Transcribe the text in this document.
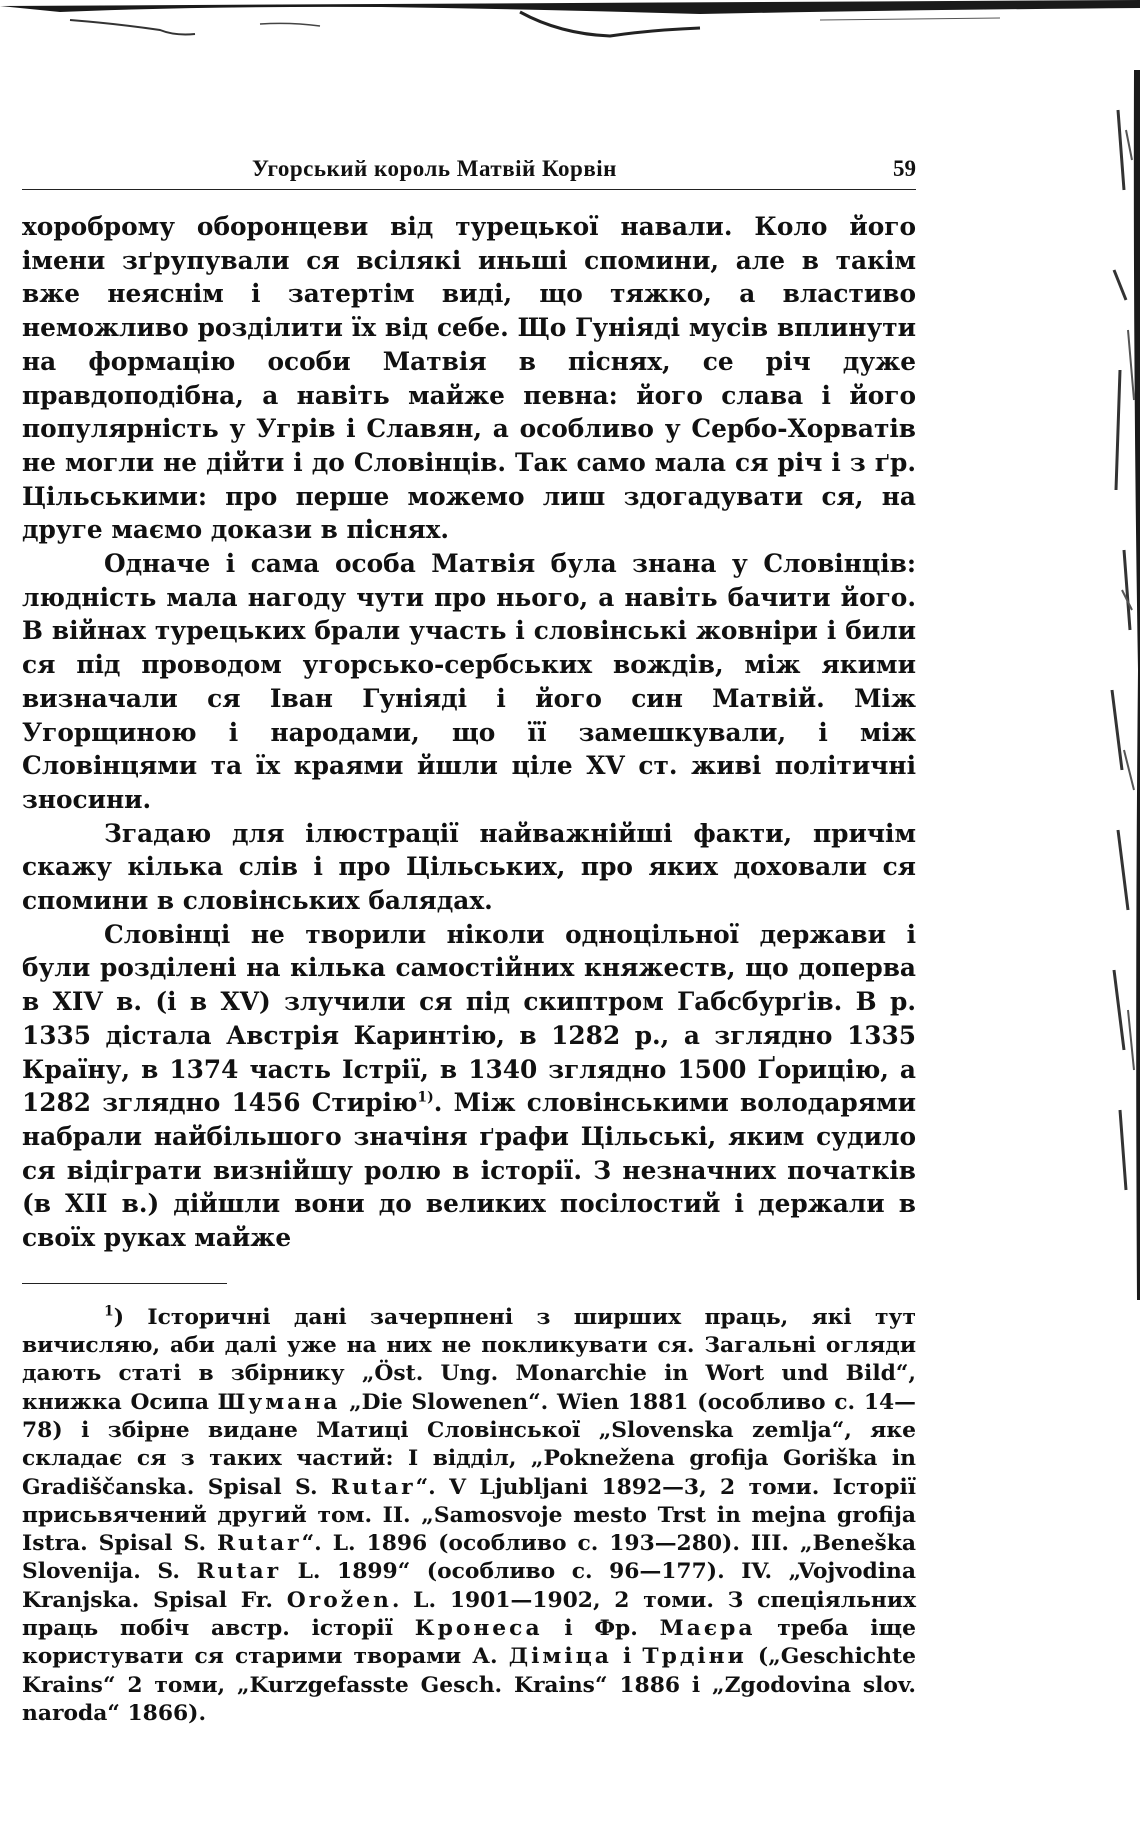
Угорський король Матвій Корвін	59

хороброму оборонцеви від турецької навали. Коло його імени зґрупували ся всілякі иньші спомини, але в такім вже неяснім і затертім виді, що тяжко, а властиво неможливо розділити їх від себе. Що Гуніяді мусів вплинути на формацію особи Матвія в піснях, се річ дуже правдоподібна, а навіть майже певна: його слава і його популярність у Угрів і Славян, а особливо у Сербо-Хорватів не могли не дійти і до Словінців. Так само мала ся річ і з ґр. Цільськими: про перше можемо лиш здогадувати ся, на друге маємо докази в піснях.

Одначе і сама особа Матвія була знана у Словінців: людність мала нагоду чути про нього, а навіть бачити його. В війнах турецьких брали участь і словінські жовніри і били ся під проводом угорсько-сербських вождів, між якими визначали ся Іван Гуніяді і його син Матвій. Між Угорщиною і народами, що її замешкували, і між Словінцями та їх краями йшли ціле XV ст. живі політичні зносини.

Згадаю для ілюстрації найважнійші факти, причім скажу кілька слів і про Цільських, про яких доховали ся спомини в словінських балядах.

Словінці не творили ніколи одноцільної держави і були розділені на кілька самостійних княжеств, що доперва в XIV в. (і в XV) злучили ся під скиптром Габсбурґів. В р. 1335 дістала Австрія Каринтію, в 1282 р., а зглядно 1335 Країну, в 1374 часть Істрії, в 1340 зглядно 1500 Ґорицію, а 1282 зглядно 1456 Стирію$^{1)}$. Між словінськими володарями набрали найбільшого значіня ґрафи Цільські, яким судило ся відіграти визнійшу ролю в історії. З незначних початків (в XII в.) дійшли вони до великих посілостий і держали в своїх руках майже

$^1$) Історичні дані зачерпнені з ширших праць, які тут вичисляю, аби далі уже на них не покликувати ся. Загальні огляди дають статі в збірнику „Öst. Ung. Monarchie in Wort und Bild“, книжка Осипа Шумана „Die Slowenen“. Wien 1881 (особливо с. 14—78) і збірне видане Матиці Словінської „Slovenska zemlja“, яке складає ся з таких частий: I відділ, „Pokneženа grofija Goriška in Gradiščanska. Spisal S. Rutar“. V Ljubljani 1892—3, 2 томи. Історії присьвячений другий том. II. „Samosvoje mesto Trst in mejna grofija Istra. Spisal S. Rutar“. L. 1896 (особливо с. 193—280). III. „Beneška Slovenija. S. Rutar L. 1899“ (особливо с. 96—177). IV. „Vojvodina Kranjska. Spisal Fr. Orožen. L. 1901—1902, 2 томи. З спеціяльних праць побіч австр. історії Кронеса і Фр. Маєра треба іще користувати ся старими творами А. Діміца і Трдіни („Geschichte Krains“ 2 томи, „Kurzgefasste Gesch. Krains“ 1886 і „Zgodovina slov. naroda“ 1866).
